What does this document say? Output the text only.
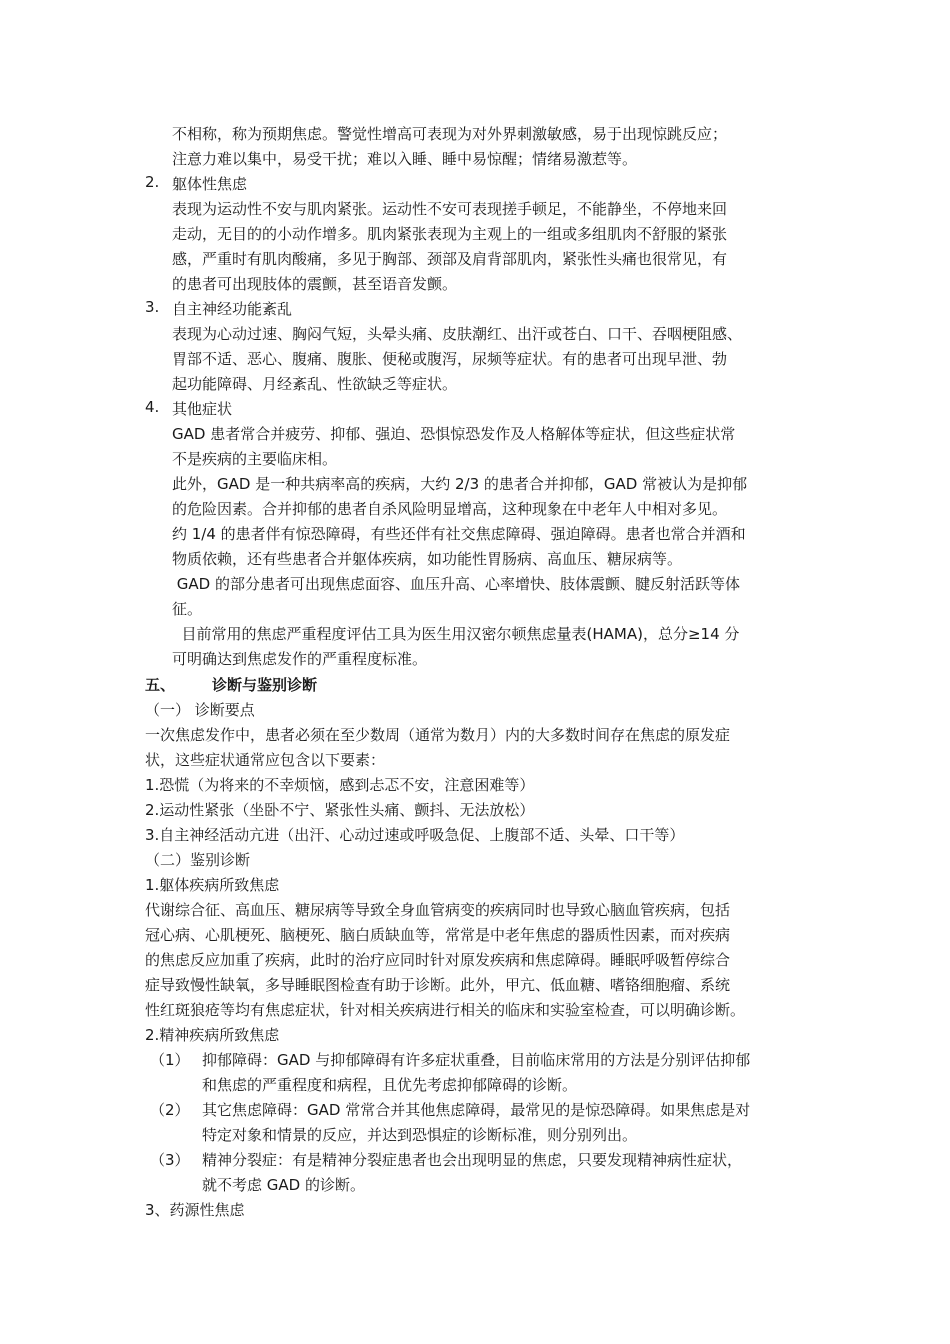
不相称，称为预期焦虑。警觉性增高可表现为对外界刺激敏感，易于出现惊跳反应；
注意力难以集中，易受干扰；难以入睡、睡中易惊醒；情绪易激惹等。
2. 躯体性焦虑
表现为运动性不安与肌肉紧张。运动性不安可表现搓手顿足，不能静坐，不停地来回
走动，无目的的小动作增多。肌肉紧张表现为主观上的一组或多组肌肉不舒服的紧张
感，严重时有肌肉酸痛，多见于胸部、颈部及肩背部肌肉，紧张性头痛也很常见，有
的患者可出现肢体的震颤，甚至语音发颤。
3. 自主神经功能紊乱
表现为心动过速、胸闷气短，头晕头痛、皮肤潮红、出汗或苍白、口干、吞咽梗阻感、
胃部不适、恶心、腹痛、腹胀、便秘或腹泻，尿频等症状。有的患者可出现早泄、勃
起功能障碍、月经紊乱、性欲缺乏等症状。
4. 其他症状
GAD 患者常合并疲劳、抑郁、强迫、恐惧惊恐发作及人格解体等症状，但这些症状常
不是疾病的主要临床相。
此外，GAD 是一种共病率高的疾病，大约 2/3 的患者合并抑郁，GAD 常被认为是抑郁
的危险因素。合并抑郁的患者自杀风险明显增高，这种现象在中老年人中相对多见。
约 1/4 的患者伴有惊恐障碍，有些还伴有社交焦虑障碍、强迫障碍。患者也常合并酒和
物质依赖，还有些患者合并躯体疾病，如功能性胃肠病、高血压、糖尿病等。
GAD 的部分患者可出现焦虑面容、血压升高、心率增快、肢体震颤、腱反射活跃等体
征。
目前常用的焦虑严重程度评估工具为医生用汉密尔顿焦虑量表(HAMA)，总分≥14 分
可明确达到焦虑发作的严重程度标准。
五、 诊断与鉴别诊断
（一） 诊断要点
一次焦虑发作中，患者必须在至少数周（通常为数月）内的大多数时间存在焦虑的原发症
状，这些症状通常应包含以下要素：
1.恐慌（为将来的不幸烦恼，感到忐忑不安，注意困难等）
2.运动性紧张（坐卧不宁、紧张性头痛、颤抖、无法放松）
3.自主神经活动亢进（出汗、心动过速或呼吸急促、上腹部不适、头晕、口干等）
（二）鉴别诊断
1.躯体疾病所致焦虑
代谢综合征、高血压、糖尿病等导致全身血管病变的疾病同时也导致心脑血管疾病，包括
冠心病、心肌梗死、脑梗死、脑白质缺血等，常常是中老年焦虑的器质性因素，而对疾病
的焦虑反应加重了疾病，此时的治疗应同时针对原发疾病和焦虑障碍。睡眠呼吸暂停综合
症导致慢性缺氧，多导睡眠图检查有助于诊断。此外，甲亢、低血糖、嗜铬细胞瘤、系统
性红斑狼疮等均有焦虑症状，针对相关疾病进行相关的临床和实验室检查，可以明确诊断。
2.精神疾病所致焦虑
（1） 抑郁障碍：GAD 与抑郁障碍有许多症状重叠，目前临床常用的方法是分别评估抑郁
和焦虑的严重程度和病程，且优先考虑抑郁障碍的诊断。
（2） 其它焦虑障碍：GAD 常常合并其他焦虑障碍，最常见的是惊恐障碍。如果焦虑是对
特定对象和情景的反应，并达到恐惧症的诊断标准，则分别列出。
（3） 精神分裂症：有是精神分裂症患者也会出现明显的焦虑，只要发现精神病性症状，
就不考虑 GAD 的诊断。
3、药源性焦虑
